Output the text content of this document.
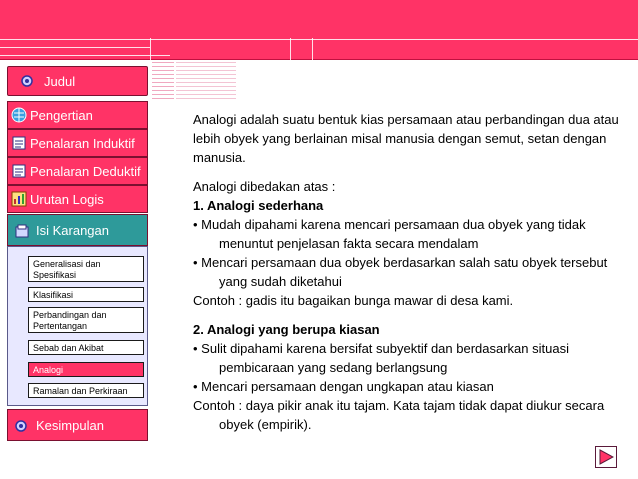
Judul
Pengertian
Penalaran Induktif
Penalaran Deduktif
Urutan Logis
Isi Karangan
Generalisasi dan Spesifikasi
Klasifikasi
Perbandingan dan Pertentangan
Sebab dan Akibat
Analogi
Ramalan dan Perkiraan
Kesimpulan

Analogi adalah suatu bentuk kias persamaan atau perbandingan dua atau lebih obyek yang berlainan misal manusia dengan semut, setan dengan manusia.

Analogi dibedakan atas :

1. Analogi sederhana

• Mudah dipahami karena mencari persamaan dua obyek yang tidak menuntut penjelasan fakta secara mendalam

• Mencari persamaan dua obyek berdasarkan salah satu obyek tersebut yang sudah diketahui

Contoh : gadis itu bagaikan bunga mawar di desa kami.

2. Analogi yang berupa kiasan

• Sulit dipahami karena bersifat subyektif dan berdasarkan situasi pembicaraan yang sedang berlangsung

• Mencari persamaan dengan ungkapan atau kiasan

Contoh : daya pikir anak itu tajam. Kata tajam tidak dapat diukur secara obyek (empirik).
